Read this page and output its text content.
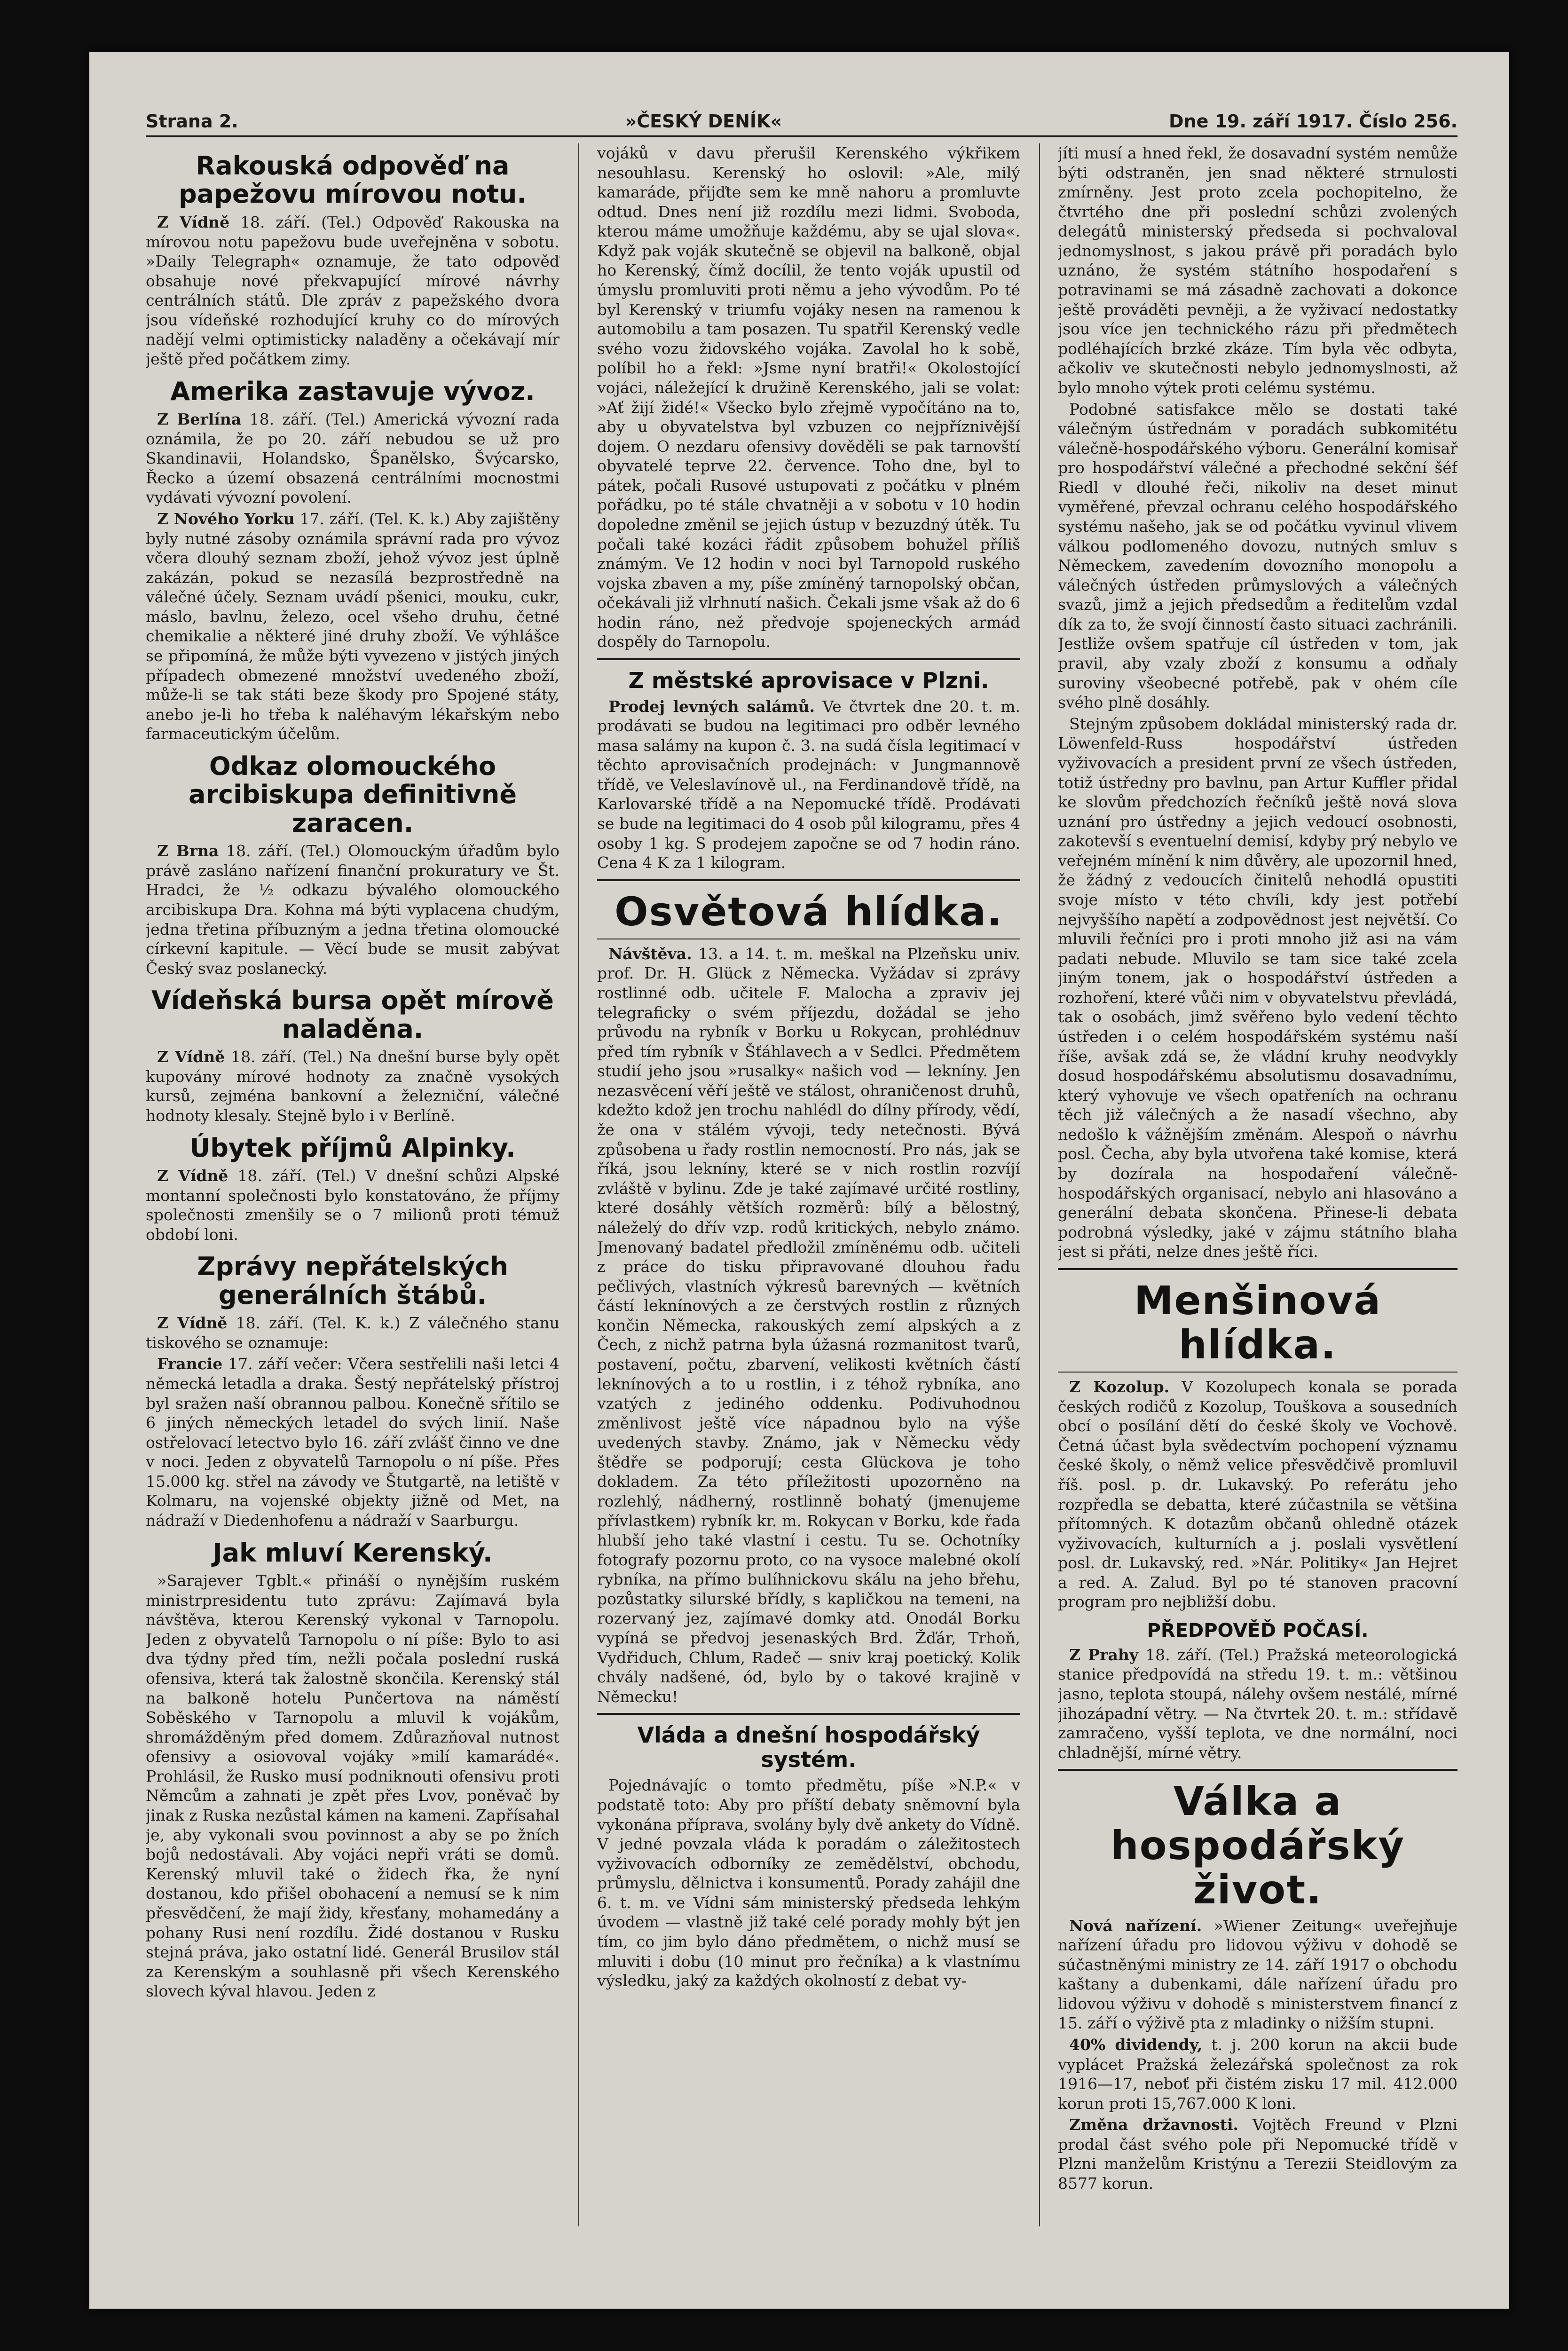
Strana 2.	»ČESKÝ DENÍK«	Dne 19. září 1917. Číslo 256.
Rakouská odpověď na papežovu mírovou notu.

Z Vídně 18. září. (Tel.) Odpověď Rakouska na mírovou notu papežovu bude uveřejněna v sobotu. »Daily Telegraph« oznamuje, že tato odpověď obsahuje nové překvapující mírové návrhy centrálních států. Dle zpráv z papežského dvora jsou vídeňské rozhodující kruhy co do mírových nadějí velmi optimisticky naladěny a očekávají mír ještě před počátkem zimy.

Amerika zastavuje vývoz.

Z Berlína 18. září. (Tel.) Americká vývozní rada oznámila, že po 20. září nebudou se už pro Skandinavii, Holandsko, Španělsko, Švýcarsko, Řecko a území obsazená centrálními mocnostmi vydávati vývozní povolení.

Z Nového Yorku 17. září. (Tel. K. k.) Aby zajištěny byly nutné zásoby oznámila správní rada pro vývoz včera dlouhý seznam zboží, jehož vývoz jest úplně zakázán, pokud se nezasílá bezprostředně na válečné účely. Seznam uvádí pšenici, mouku, cukr, máslo, bavlnu, železo, ocel všeho druhu, četné chemikalie a některé jiné druhy zboží. Ve výhlášce se připomíná, že může býti vyvezeno v jistých jiných případech obmezené množství uvedeného zboží, může-li se tak státi beze škody pro Spojené státy, anebo je-li ho třeba k naléhavým lékařským nebo farmaceutickým účelům.

Odkaz olomouckého arcibiskupa definitivně zaracen.

Z Brna 18. září. (Tel.) Olomouckým úřadům bylo právě zasláno nařízení finanční prokuratury ve Št. Hradci, že ½ odkazu bývalého olomouckého arcibiskupa Dra. Kohna má býti vyplacena chudým, jedna třetina příbuzným a jedna třetina olomoucké církevní kapitule. — Věcí bude se musit zabývat Český svaz poslanecký.

Vídeňská bursa opět mírově naladěna.

Z Vídně 18. září. (Tel.) Na dnešní burse byly opět kupovány mírové hodnoty za značně vysokých kursů, zejména bankovní a železniční, válečné hodnoty klesaly. Stejně bylo i v Berlíně.

Úbytek příjmů Alpinky.

Z Vídně 18. září. (Tel.) V dnešní schůzi Alpské montanní společnosti bylo konstatováno, že příjmy společnosti zmenšily se o 7 milionů proti témuž období loni.

Zprávy nepřátelských generálních štábů.

Z Vídně 18. září. (Tel. K. k.) Z válečného stanu tiskového se oznamuje:

Francie 17. září večer: Včera sestřelili naši letci 4 německá letadla a draka. Šestý nepřátelský přístroj byl sražen naší obrannou palbou. Konečně sřítilo se 6 jiných německých letadel do svých linií. Naše ostřelovací letectvo bylo 16. září zvlášť činno ve dne v noci. Jeden z obyvatelů Tarnopolu o ní píše. Přes 15.000 kg. střel na závody ve Štutgartě, na letiště v Kolmaru, na vojenské objekty jižně od Met, na nádraží v Diedenhofenu a nádraží v Saarburgu.

Jak mluví Kerenský.

»Sarajever Tgblt.« přináší o nynějším ruském ministrpresidentu tuto zprávu: Zajímavá byla návštěva, kterou Kerenský vykonal v Tarnopolu. Jeden z obyvatelů Tarnopolu o ní píše: Bylo to asi dva týdny před tím, nežli počala poslední ruská ofensiva, která tak žalostně skončila. Kerenský stál na balkoně hotelu Punčertova na náměstí Soběského v Tarnopolu a mluvil k vojákům, shromážděným před domem. Zdůrazňoval nutnost ofensivy a osiovoval vojáky »milí kamarádé«. Prohlásil, že Rusko musí podniknouti ofensivu proti Němcům a zahnati je zpět přes Lvov, poněvač by jinak z Ruska nezůstal kámen na kameni. Zapřísahal je, aby vykonali svou povinnost a aby se po žních bojů nedostávali. Aby vojáci nepři vráti se domů. Kerenský mluvil také o židech řka, že nyní dostanou, kdo přišel obohacení a nemusí se k nim přesvědčení, že mají židy, křesťany, mohamedány a pohany Rusi není rozdílu. Židé dostanou v Rusku stejná práva, jako ostatní lidé. Generál Brusilov stál za Kerenským a souhlasně při všech Kerenského slovech kýval hlavou. Jeden z

vojáků v davu přerušil Kerenského výkřikem nesouhlasu. Kerenský ho oslovil: »Ale, milý kamaráde, přijďte sem ke mně nahoru a promluvte odtud. Dnes není již rozdílu mezi lidmi. Svoboda, kterou máme umožňuje každému, aby se ujal slova«. Když pak voják skutečně se objevil na balkoně, objal ho Kerenský, čímž docílil, že tento voják upustil od úmyslu promluviti proti němu a jeho vývodům. Po té byl Kerenský v triumfu vojáky nesen na ramenou k automobilu a tam posazen. Tu spatřil Kerenský vedle svého vozu židovského vojáka. Zavolal ho k sobě, políbil ho a řekl: »Jsme nyní bratři!« Okolostojící vojáci, náležející k družině Kerenského, jali se volat: »Ať žijí židé!« Všecko bylo zřejmě vypočítáno na to, aby u obyvatelstva byl vzbuzen co nejpříznivější dojem. O nezdaru ofensivy dověděli se pak tarnovští obyvatelé teprve 22. července. Toho dne, byl to pátek, počali Rusové ustupovati z počátku v plném pořádku, po té stále chvatněji a v sobotu v 10 hodin dopoledne změnil se jejich ústup v bezuzdný útěk. Tu počali také kozáci řádit způsobem bohužel příliš známým. Ve 12 hodin v noci byl Tarnopold ruského vojska zbaven a my, píše zmíněný tarnopolský občan, očekávali již vlrhnutí našich. Čekali jsme však až do 6 hodin ráno, než předvoje spojeneckých armád dospěly do Tarnopolu.

Z městské aprovisace v Plzni.

Prodej levných salámů. Ve čtvrtek dne 20. t. m. prodávati se budou na legitimaci pro odběr levného masa salámy na kupon č. 3. na sudá čísla legitimací v těchto aprovisačních prodejnách: v Jungmannově třídě, ve Veleslavínově ul., na Ferdinandově třídě, na Karlovarské třídě a na Nepomucké třídě. Prodávati se bude na legitimaci do 4 osob půl kilogramu, přes 4 osoby 1 kg. S prodejem započne se od 7 hodin ráno. Cena 4 K za 1 kilogram.

Osvětová hlídka.

Návštěva. 13. a 14. t. m. meškal na Plzeňsku univ. prof. Dr. H. Glück z Německa. Vyžádav si zprávy rostlinné odb. učitele F. Malocha a zpraviv jej telegraficky o svém příjezdu, dožádal se jeho průvodu na rybník v Borku u Rokycan, prohlédnuv před tím rybník v Šťáhlavech a v Sedlci. Předmětem studií jeho jsou »rusalky« našich vod — lekníny. Jen nezasvěcení věří ještě ve stálost, ohraničenost druhů, kdežto kdož jen trochu nahlédl do dílny přírody, vědí, že ona v stálém vývoji, tedy netečnosti. Bývá způsobena u řady rostlin nemocností. Pro nás, jak se říká, jsou lekníny, které se v nich rostlin rozvíjí zvláště v bylinu. Zde je také zajímavé určité rostliny, které dosáhly větších rozměrů: bílý a bělostný, náleželý do dřív vzp. rodů kritických, nebylo známo. Jmenovaný badatel předložil zmíněnému odb. učiteli z práce do tisku připravované dlouhou řadu pečlivých, vlastních výkresů barevných — květních částí leknínových a ze čerstvých rostlin z různých končin Německa, rakouských zemí alpských a z Čech, z nichž patrna byla úžasná rozmanitost tvarů, postavení, počtu, zbarvení, velikosti květních částí leknínových a to u rostlin, i z téhož rybníka, ano vzatých z jediného oddenku. Podivuhodnou změnlivost ještě více nápadnou bylo na výše uvedených stavby. Známo, jak v Německu vědy štědře se podporují; cesta Glückova je toho dokladem. Za této příležitosti upozorněno na rozlehlý, nádherný, rostlinně bohatý (jmenujeme přívlastkem) rybník kr. m. Rokycan v Borku, kde řada hlubší jeho také vlastní i cestu. Tu se. Ochotníky fotografy pozornu proto, co na vysoce malebné okolí rybníka, na přímo bulíhnickovu skálu na jeho břehu, pozůstatky silurské břídly, s kapličkou na temeni, na rozervaný jez, zajímavé domky atd. Onodál Borku vypíná se předvoj jesenaských Brd. Žďár, Trhoň, Vydřiduch, Chlum, Radeč — sniv kraj poetický. Kolik chvály nadšené, ód, bylo by o takové krajině v Německu!

Vláda a dnešní hospodářský systém.

Pojednávajíc o tomto předmětu, píše »N.P.« v podstatě toto: Aby pro příští debaty sněmovní byla vykonána příprava, svolány byly dvě ankety do Vídně. V jedné povzala vláda k poradám o záležitostech vyživovacích odborníky ze zemědělství, obchodu, průmyslu, dělnictva i konsumentů. Porady zahájil dne 6. t. m. ve Vídni sám ministerský předseda lehkým úvodem — vlastně již také celé porady mohly být jen tím, co jim bylo dáno předmětem, o nichž musí se mluviti i dobu (10 minut pro řečníka) a k vlastnímu výsledku, jaký za každých okolností z debat vy-

jíti musí a hned řekl, že dosavadní systém nemůže býti odstraněn, jen snad některé strnulosti zmírněny. Jest proto zcela pochopitelno, že čtvrtého dne při poslední schůzi zvolených delegátů ministerský předseda si pochvaloval jednomyslnost, s jakou právě při poradách bylo uznáno, že systém státního hospodaření s potravinami se má zásadně zachovati a dokonce ještě prováděti pevněji, a že vyživací nedostatky jsou více jen technického rázu při předmětech podléhajících brzké zkáze. Tím byla věc odbyta, ačkoliv ve skutečnosti nebylo jednomyslnosti, až bylo mnoho výtek proti celému systému.

Podobné satisfakce mělo se dostati také válečným ústřednám v poradách subkomitétu válečně-hospodářského výboru. Generální komisař pro hospodářství válečné a přechodné sekční šéf Riedl v dlouhé řeči, nikoliv na deset minut vyměřené, převzal ochranu celého hospodářského systému našeho, jak se od počátku vyvinul vlivem válkou podlomeného dovozu, nutných smluv s Německem, zavedením dovozního monopolu a válečných ústředen průmyslových a válečných svazů, jimž a jejich předsedům a ředitelům vzdal dík za to, že svojí činností často situaci zachránili. Jestliže ovšem spatřuje cíl ústředen v tom, jak pravil, aby vzaly zboží z konsumu a odňaly suroviny všeobecné potřebě, pak v ohém cíle svého plně dosáhly.

Stejným způsobem dokládal ministerský rada dr. Löwenfeld-Russ hospodářství ústředen vyživovacích a president první ze všech ústředen, totiž ústředny pro bavlnu, pan Artur Kuffler přidal ke slovům předchozích řečníků ještě nová slova uznání pro ústředny a jejich vedoucí osobnosti, zakotevší s eventuelní demisí, kdyby prý nebylo ve veřejném mínění k nim důvěry, ale upozornil hned, že žádný z vedoucích činitelů nehodlá opustiti svoje místo v této chvíli, kdy jest potřebí nejvyššího napětí a zodpovědnost jest největší. Co mluvili řečníci pro i proti mnoho již asi na vám padati nebude. Mluvilo se tam sice také zcela jiným tonem, jak o hospodářství ústředen a rozhoření, které vůči nim v obyvatelstvu převládá, tak o osobách, jimž svěřeno bylo vedení těchto ústředen i o celém hospodářském systému naší říše, avšak zdá se, že vládní kruhy neodvykly dosud hospodářskému absolutismu dosavadnímu, který vyhovuje ve všech opatřeních na ochranu těch již válečných a že nasadí všechno, aby nedošlo k vážnějším změnám. Alespoň o návrhu posl. Čecha, aby byla utvořena také komise, která by dozírala na hospodaření válečně-hospodářských organisací, nebylo ani hlasováno a generální debata skončena. Přinese-li debata podrobná výsledky, jaké v zájmu státního blaha jest si přáti, nelze dnes ještě říci.

Menšinová hlídka.

Z Kozolup. V Kozolupech konala se porada českých rodičů z Kozolup, Touškova a sousedních obcí o posílání dětí do české školy ve Vochově. Četná účast byla svědectvím pochopení významu české školy, o němž velice přesvědčivě promluvil říš. posl. p. dr. Lukavský. Po referátu jeho rozpředla se debatta, které zúčastnila se většina přítomných. K dotazům občanů ohledně otázek vyživovacích, kulturních a j. poslali vysvětlení posl. dr. Lukavský, red. »Nár. Politiky« Jan Hejret a red. A. Zalud. Byl po té stanoven pracovní program pro nejbližší dobu.

PŘEDPOVĚĎ POČASÍ.

Z Prahy 18. září. (Tel.) Pražská meteorologická stanice předpovídá na středu 19. t. m.: většinou jasno, teplota stoupá, nálehy ovšem nestálé, mírné jihozápadní větry. — Na čtvrtek 20. t. m.: střídavě zamračeno, vyšší teplota, ve dne normální, noci chladnější, mírné větry.

Válka a hospodářský život.

Nová nařízení. »Wiener Zeitung« uveřejňuje nařízení úřadu pro lidovou výživu v dohodě se súčastněnými ministry ze 14. září 1917 o obchodu kaštany a dubenkami, dále nařízení úřadu pro lidovou výživu v dohodě s ministerstvem financí z 15. září o výživě pta z mladinky o nižším stupni.

40% dividendy, t. j. 200 korun na akcii bude vyplácet Pražská železářská společnost za rok 1916—17, neboť při čistém zisku 17 mil. 412.000 korun proti 15,767.000 K loni.

Změna državnosti. Vojtěch Freund v Plzni prodal část svého pole při Nepomucké třídě v Plzni manželům Kristýnu a Terezii Steidlovým za 8577 korun.
